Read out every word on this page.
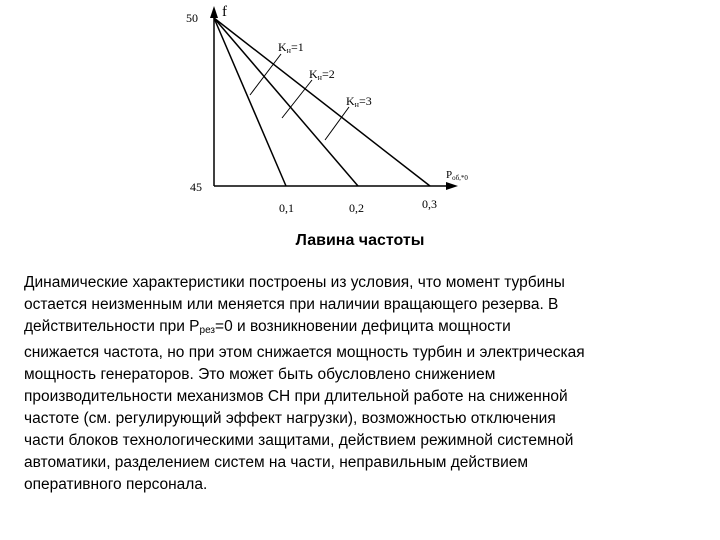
f
Pоб,*0
50
45
0,1	0,2	0,3
Kн=1
Kн=2
Kн=3
Лавина частоты

Динамические характеристики построены из условия, что момент турбины
остается неизменным или меняется при наличии вращающего резерва. В
действительности при $P_{рез}=0$ и возникновении дефицита мощности
снижается частота, но при этом снижается мощность турбин и электрическая
мощность генераторов. Это может быть обусловлено снижением
производительности механизмов СН при длительной работе на сниженной
частоте (см. регулирующий эффект нагрузки), возможностью отключения
части блоков технологическими защитами, действием режимной системной
автоматики, разделением систем на части, неправильным действием
оперативного персонала.
